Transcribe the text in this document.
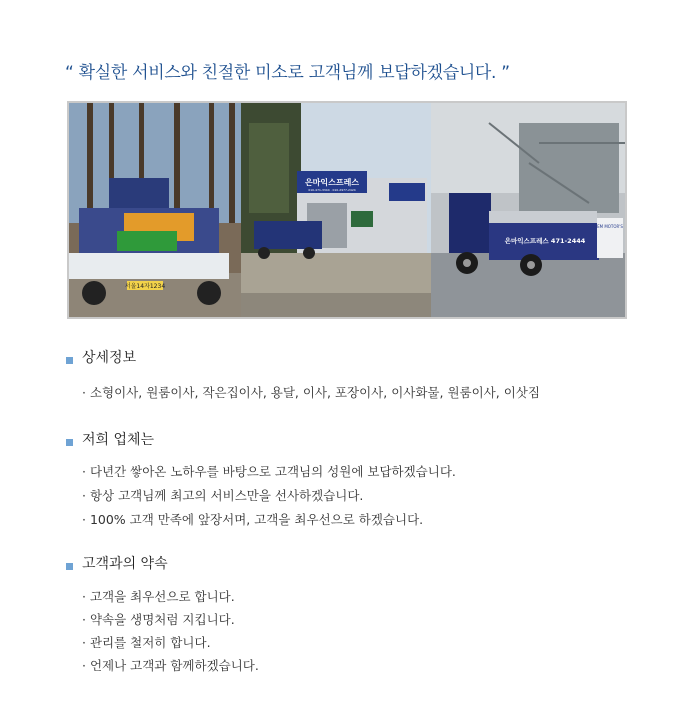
“ 확실한 서비스와 친절한 미소로 고객님께 보답하겠습니다. ”
서울14자1234
은마익스프레스
010-471-3344 · 010-2977-2424
은마익스프레스 471-2444
EM MOTOR'S
상세정보
· 소형이사, 원룸이사, 작은집이사, 용달, 이사, 포장이사, 이사화물, 원룸이사, 이삿짐
저희 업체는
· 다년간 쌓아온 노하우를 바탕으로 고객님의 성원에 보답하겠습니다.
· 항상 고객님께 최고의 서비스만을 선사하겠습니다.
· 100% 고객 만족에 앞장서며, 고객을 최우선으로 하겠습니다.
고객과의 약속
· 고객을 최우선으로 합니다.
· 약속을 생명처럼 지킵니다.
· 관리를 철저히 합니다.
· 언제나 고객과 함께하겠습니다.
